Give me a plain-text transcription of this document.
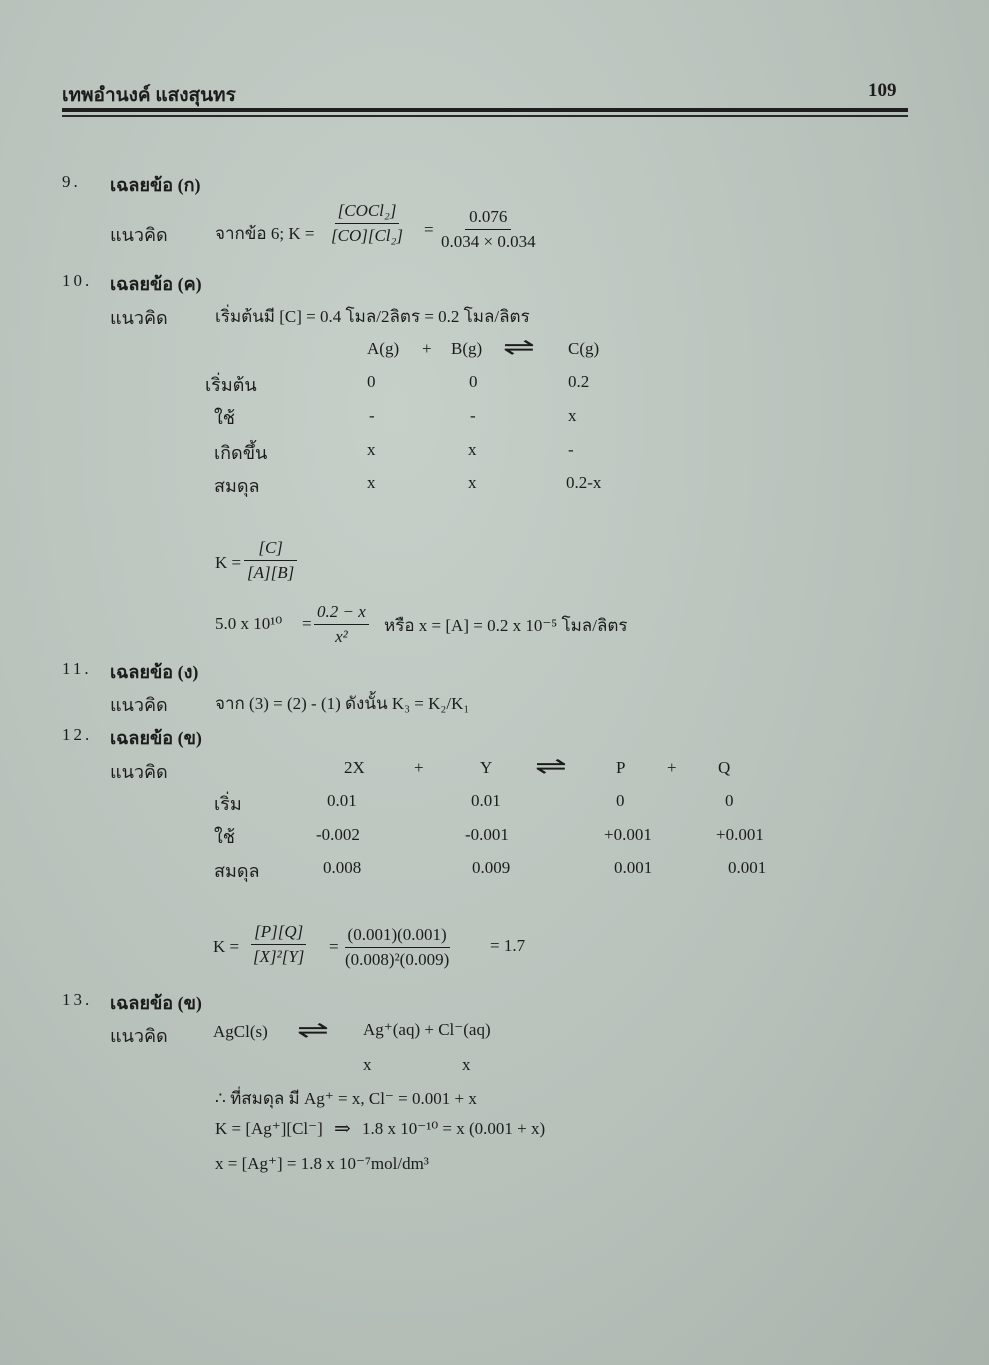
เทพอำนงค์ แสงสุนทร	109
9. เฉลยข้อ (ก)
แนวคิด	จากข้อ 6; K =
[COCl₂]
$[CO][Cl_2] = \frac{0.076}{0.034 \times 0.034}$
10. เฉลยข้อ (ค)
แนวคิด	เริ่มต้นมี [C] = 0.4 โมล/2ลิตร = 0.2 โมล/ลิตร
A(g) + B(g) ⇌ C(g)
เริ่มต้น	0	0	0.2
ใช้	-	-	x
เกิดขึ้น	x	x	-
สมดุล	x	x	0.2-x
$K = \frac{[C]}{[A][B]}$
5.0 x $10^{10} = \frac{0.2 - x}{\text{x²}}$ หรือ x = [A] = 0.2 x 10⁻⁵ โมล/ลิตร
11. เฉลยข้อ (ง)
แนวคิด	จาก (3) = (2) - (1) ดังนั้น K₃ = K₂/K₁
12. เฉลยข้อ (ข)
แนวคิด	2X	+	Y ⇌	P + Q
เริ่ม	0.01	0.01	0	0
ใช้	-0.002	-0.001	+0.001	+0.001
สมดุล	0.008	0.009	0.001	0.001
$K = \frac{[P][Q]}{\text{[X]²[Y]}} = \frac{(0.001)(0.001)}{\text{(0.008)²(0.009)}} = 1.7$
13. เฉลยข้อ (ข)
แนวคิด	AgCl(s) ⇌ Ag⁺(aq) + Cl⁻(aq)
x	x
∴ ที่สมดุล มี Ag⁺ = x, Cl⁻ = 0.001 + x
K = [Ag⁺][Cl⁻] ⇒ 1.8 x 10⁻¹⁰ = x (0.001 + x)
x = [Ag⁺] = 1.8 x 10⁻⁷mol/dm³
